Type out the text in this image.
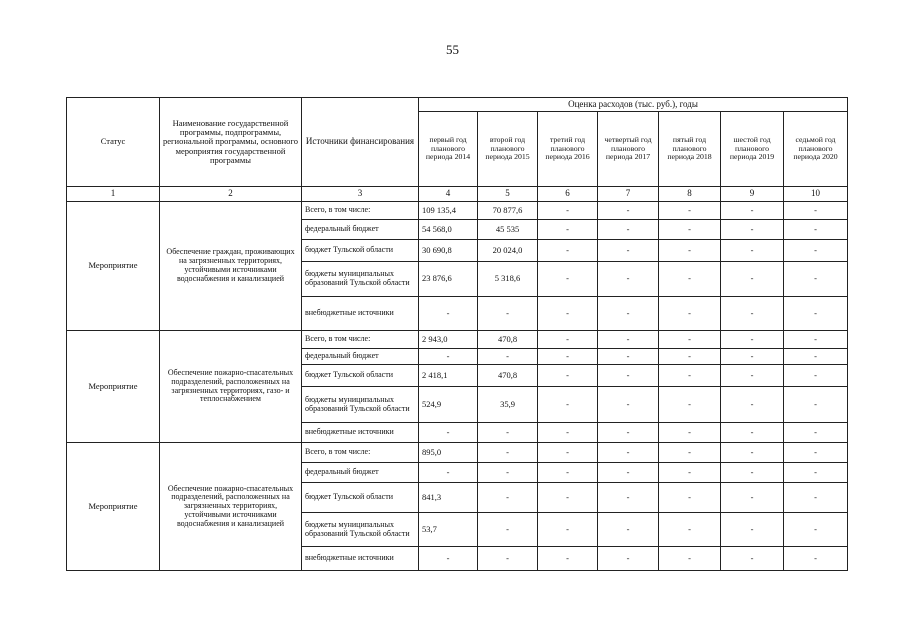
55
Статус	Наименование государственной программы, подпрограммы, региональной программы, основного мероприятия государственной программы	Источники финансирования	Оценка расходов (тыс. руб.), годы						
			первый год планового периода 2014	второй год планового периода 2015	третий год планового периода 2016	четвертый год планового периода 2017	пятый год планового периода 2018	шестой год планового периода 2019	седьмой год планового периода 2020
1	2	3	4	5	6	7	8	9	10
Мероприятие	Обеспечение граждан, проживающих на загрязненных территориях, устойчивыми источниками водоснабжения и канализацией	Всего, в том числе:	109 135,4	70 877,6	-	-	-	-	-
		федеральный бюджет	54 568,0	45 535	-	-	-	-	-
		бюджет Тульской области	30 690,8	20 024,0	-	-	-	-	-
		бюджеты муниципальных образований Тульской области	23 876,6	5 318,6	-	-	-	-	-
		внебюджетные источники	-	-	-	-	-	-	-
Мероприятие	Обеспечение пожарно-спасательных подразделений, расположенных на загрязненных территориях, газо- и теплоснабжением	Всего, в том числе:	2 943,0	470,8	-	-	-	-	-
		федеральный бюджет	-	-	-	-	-	-	-
		бюджет Тульской области	2 418,1	470,8	-	-	-	-	-
		бюджеты муниципальных образований Тульской области	524,9	35,9	-	-	-	-	-
		внебюджетные источники	-	-	-	-	-	-	-
Мероприятие	Обеспечение пожарно-спасательных подразделений, расположенных на загрязненных территориях, устойчивыми источниками водоснабжения и канализацией	Всего, в том числе:	895,0	-	-	-	-	-	-
		федеральный бюджет	-	-	-	-	-	-	-
		бюджет Тульской области	841,3	-	-	-	-	-	-
		бюджеты муниципальных образований Тульской области	53,7	-	-	-	-	-	-
		внебюджетные источники	-	-	-	-	-	-	-
